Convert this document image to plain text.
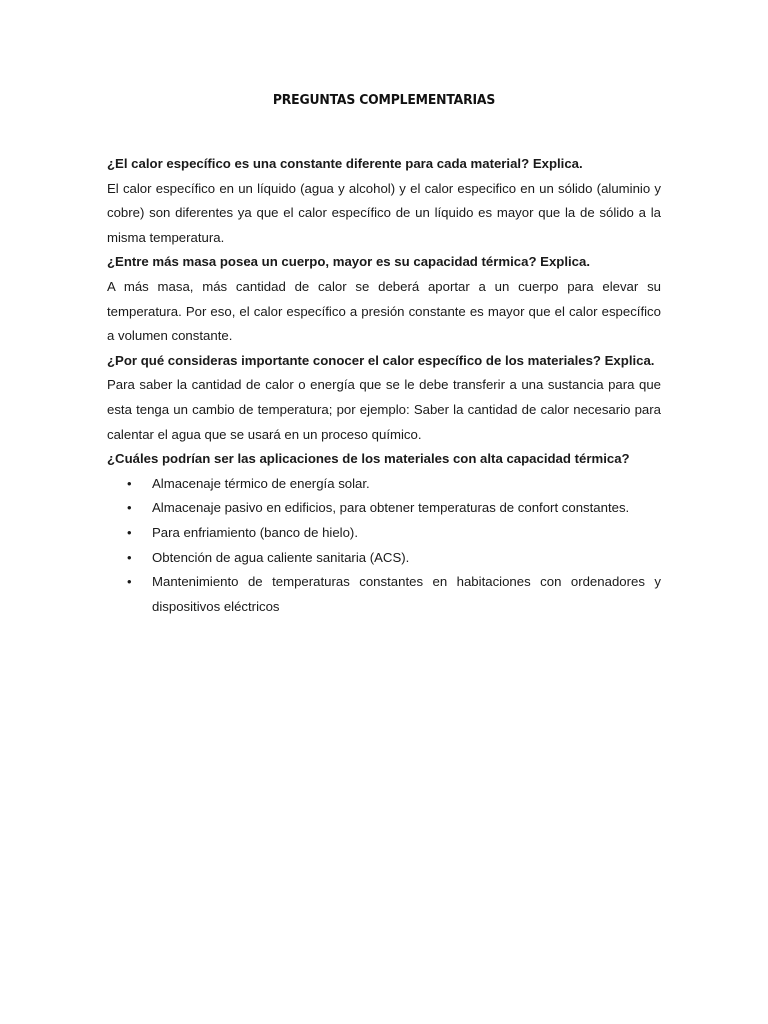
PREGUNTAS COMPLEMENTARIAS

¿El calor específico es una constante diferente para cada material? Explica.

El calor específico en un líquido (agua y alcohol) y el calor especifico en un sólido (aluminio y cobre) son diferentes ya que el calor específico de un líquido es mayor que la de sólido a la misma temperatura.

¿Entre más masa posea un cuerpo, mayor es su capacidad térmica? Explica.

A más masa, más cantidad de calor se deberá aportar a un cuerpo para elevar su temperatura. Por eso, el calor específico a presión constante es mayor que el calor específico a volumen constante.

¿Por qué consideras importante conocer el calor específico de los materiales? Explica.

Para saber la cantidad de calor o energía que se le debe transferir a una sustancia para que esta tenga un cambio de temperatura; por ejemplo: Saber la cantidad de calor necesario para calentar el agua que se usará en un proceso químico.

¿Cuáles podrían ser las aplicaciones de los materiales con alta capacidad térmica?

• Almacenaje térmico de energía solar.
• Almacenaje pasivo en edificios, para obtener temperaturas de confort constantes.
• Para enfriamiento (banco de hielo).
• Obtención de agua caliente sanitaria (ACS).
• Mantenimiento de temperaturas constantes en habitaciones con ordenadores y dispositivos eléctricos
